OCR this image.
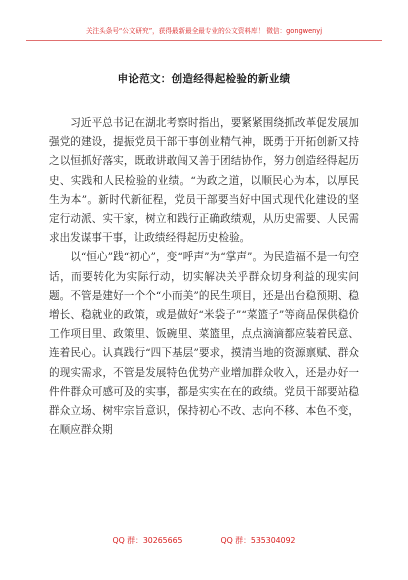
关注头条号“公文研究”，获得最新最全最专业的公文资料库！ 微信：gongwenyj
申论范文：创造经得起检验的新业绩

习近平总书记在湖北考察时指出，要紧紧围绕抓改革促发展加强党的建设，提振党员干部干事创业精气神，既勇于开拓创新又持之以恒抓好落实，既敢讲敢闯又善于团结协作，努力创造经得起历史、实践和人民检验的业绩。“为政之道，以顺民心为本，以厚民生为本”。新时代新征程，党员干部要当好中国式现代化建设的坚定行动派、实干家，树立和践行正确政绩观，从历史需要、人民需求出发谋事干事，让政绩经得起历史检验。

以“恒心”践“初心”，变“呼声”为“掌声”。为民造福不是一句空话，而要转化为实际行动，切实解决关乎群众切身利益的现实问题。不管是建好一个个“小而美”的民生项目，还是出台稳预期、稳增长、稳就业的政策，或是做好“米袋子”“菜篮子”等商品保供稳价工作项目里、政策里、饭碗里、菜篮里，点点滴滴都应装着民意、连着民心。认真践行“四下基层”要求，摸清当地的资源禀赋、群众的现实需求，不管是发展特色优势产业增加群众收入，还是办好一件件群众可感可及的实事，都是实实在在的政绩。党员干部要站稳群众立场、树牢宗旨意识，保持初心不改、志向不移、本色不变，在顺应群众期

QQ 群：30265665	QQ 群：535304092
